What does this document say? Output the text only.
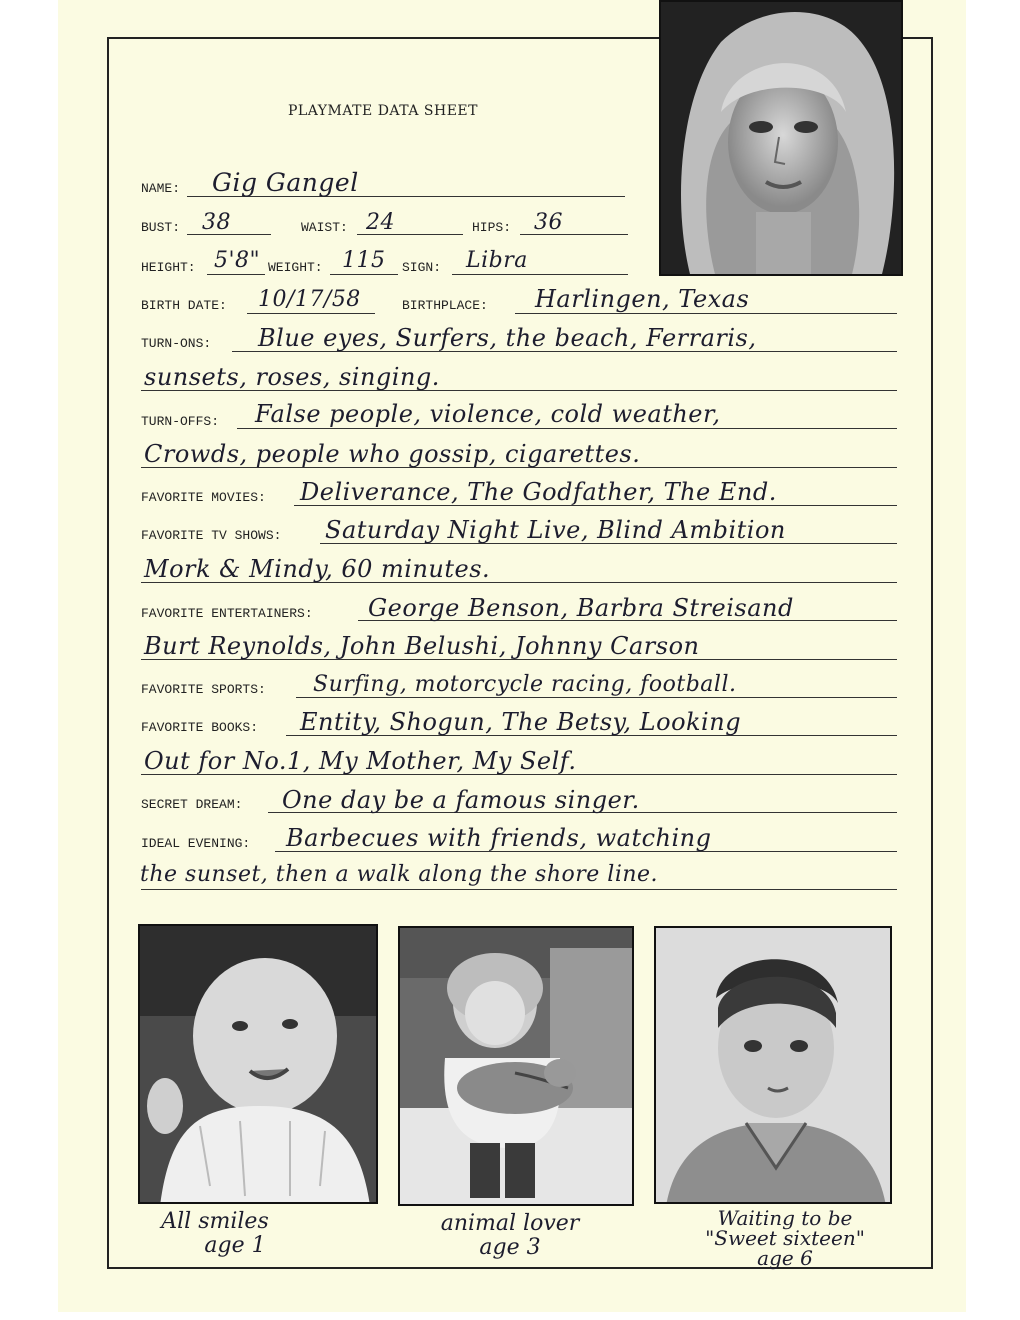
PLAYMATE DATA SHEET
NAME: Gig Gangel
BUST: 38	WAIST: 24	HIPS: 36
HEIGHT: 5'8" WEIGHT: 115 SIGN: Libra
BIRTH DATE: 10/17/58	BIRTHPLACE: Harlingen, Texas
TURN-ONS: Blue eyes, Surfers, the beach, Ferraris,
sunsets, roses, singing.
TURN-OFFS: False people, violence, cold weather,
Crowds, people who gossip, cigarettes.
FAVORITE MOVIES: Deliverance, The Godfather, The End.
FAVORITE TV SHOWS: Saturday Night Live, Blind Ambition
Mork & Mindy, 60 minutes.
FAVORITE ENTERTAINERS: George Benson, Barbra Streisand
Burt Reynolds, John Belushi, Johnny Carson
FAVORITE SPORTS: Surfing, motorcycle racing, football.
FAVORITE BOOKS: Entity, Shogun, The Betsy, Looking
Out for No.1, My Mother, My Self.
SECRET DREAM: One day be a famous singer.
IDEAL EVENING: Barbecues with friends, watching
the sunset, then a walk along the shore line.
All smiles
age 1
animal lover
age 3
Waiting to be
"Sweet sixteen"
age 6
